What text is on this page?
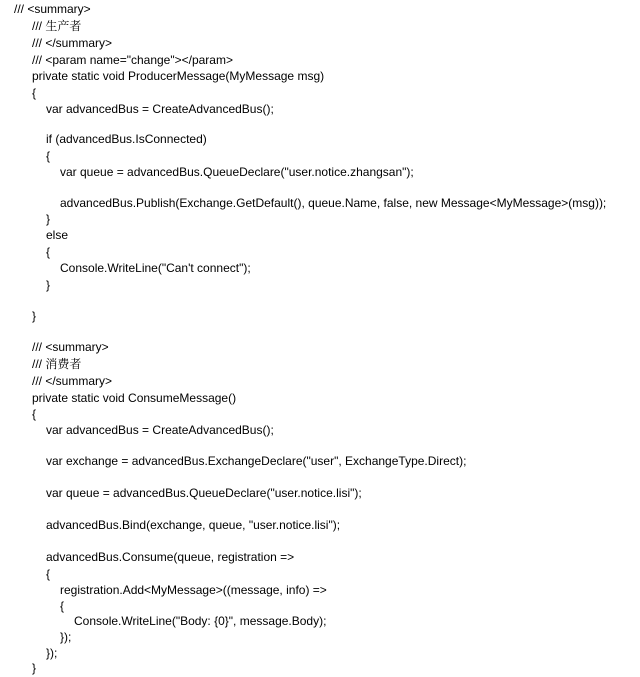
/// <summary>
/// 生产者
/// </summary>
/// <param name="change"></param>
private static void ProducerMessage(MyMessage msg)
{
var advancedBus = CreateAdvancedBus();
if (advancedBus.IsConnected)
{
var queue = advancedBus.QueueDeclare("user.notice.zhangsan");
advancedBus.Publish(Exchange.GetDefault(), queue.Name, false, new Message<MyMessage>(msg));
}
else
{
Console.WriteLine("Can't connect");
}
}
/// <summary>
/// 消费者
/// </summary>
private static void ConsumeMessage()
{
var advancedBus = CreateAdvancedBus();
var exchange = advancedBus.ExchangeDeclare("user", ExchangeType.Direct);
var queue = advancedBus.QueueDeclare("user.notice.lisi");
advancedBus.Bind(exchange, queue, "user.notice.lisi");
advancedBus.Consume(queue, registration =>
{
registration.Add<MyMessage>((message, info) =>
{
Console.WriteLine("Body: {0}", message.Body);
});
});
}
